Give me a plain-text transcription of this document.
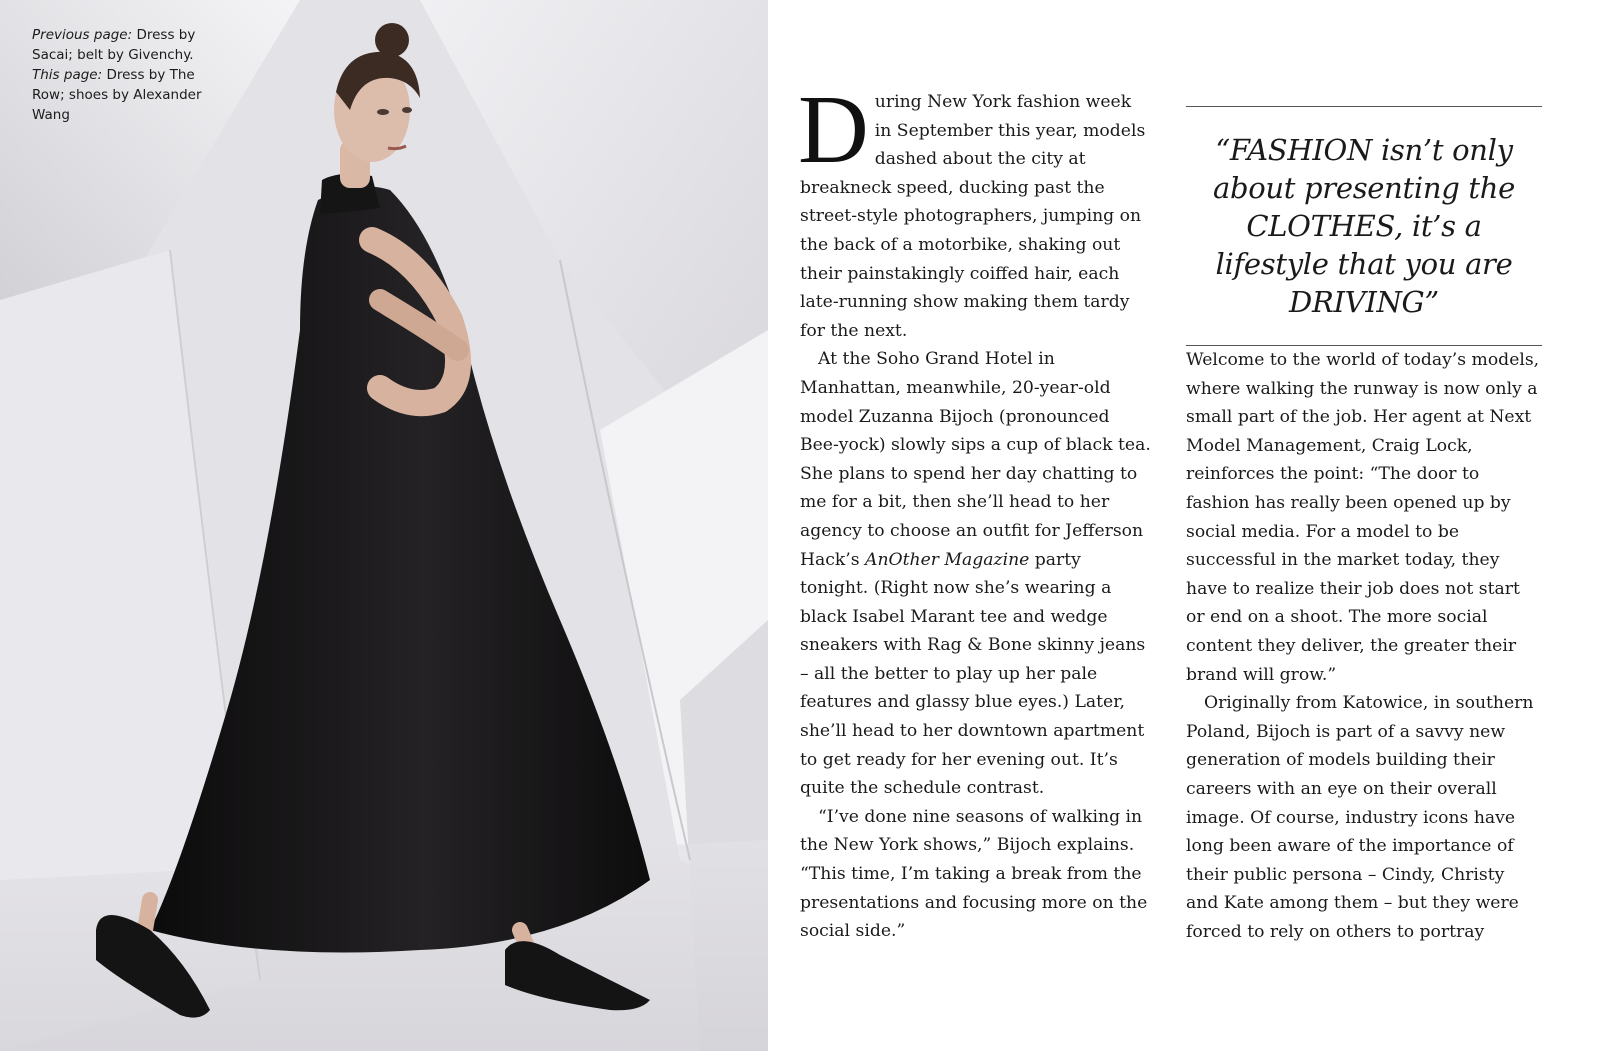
Previous page: Dress by Sacai; belt by Givenchy. This page: Dress by The Row; shoes by Alexander Wang	During New York fashion week in September this year, models dashed about the city at breakneck speed, ducking past the street-style photographers, jumping on the back of a motorbike, shaking out their painstakingly coiffed hair, each late-running show making them tardy for the next.

At the Soho Grand Hotel in Manhattan, meanwhile, 20-year-old model Zuzanna Bijoch (pronounced Bee-yock) slowly sips a cup of black tea. She plans to spend her day chatting to me for a bit, then she’ll head to her agency to choose an outfit for Jefferson Hack’s AnOther Magazine party tonight. (Right now she’s wearing a black Isabel Marant tee and wedge sneakers with Rag & Bone skinny jeans – all the better to play up her pale features and glassy blue eyes.) Later, she’ll head to her downtown apartment to get ready for her evening out. It’s quite the schedule contrast.

“I’ve done nine seasons of walking in the New York shows,” Bijoch explains. “This time, I’m taking a break from the presentations and focusing more on the social side.”

“FASHION isn’t only about presenting the CLOTHES, it’s a lifestyle that you are DRIVING”

Welcome to the world of today’s models, where walking the runway is now only a small part of the job. Her agent at Next Model Management, Craig Lock, reinforces the point: “The door to fashion has really been opened up by social media. For a model to be successful in the market today, they have to realize their job does not start or end on a shoot. The more social content they deliver, the greater their brand will grow.”

Originally from Katowice, in southern Poland, Bijoch is part of a savvy new generation of models building their careers with an eye on their overall image. Of course, industry icons have long been aware of the importance of their public persona – Cindy, Christy and Kate among them – but they were forced to rely on others to portray
